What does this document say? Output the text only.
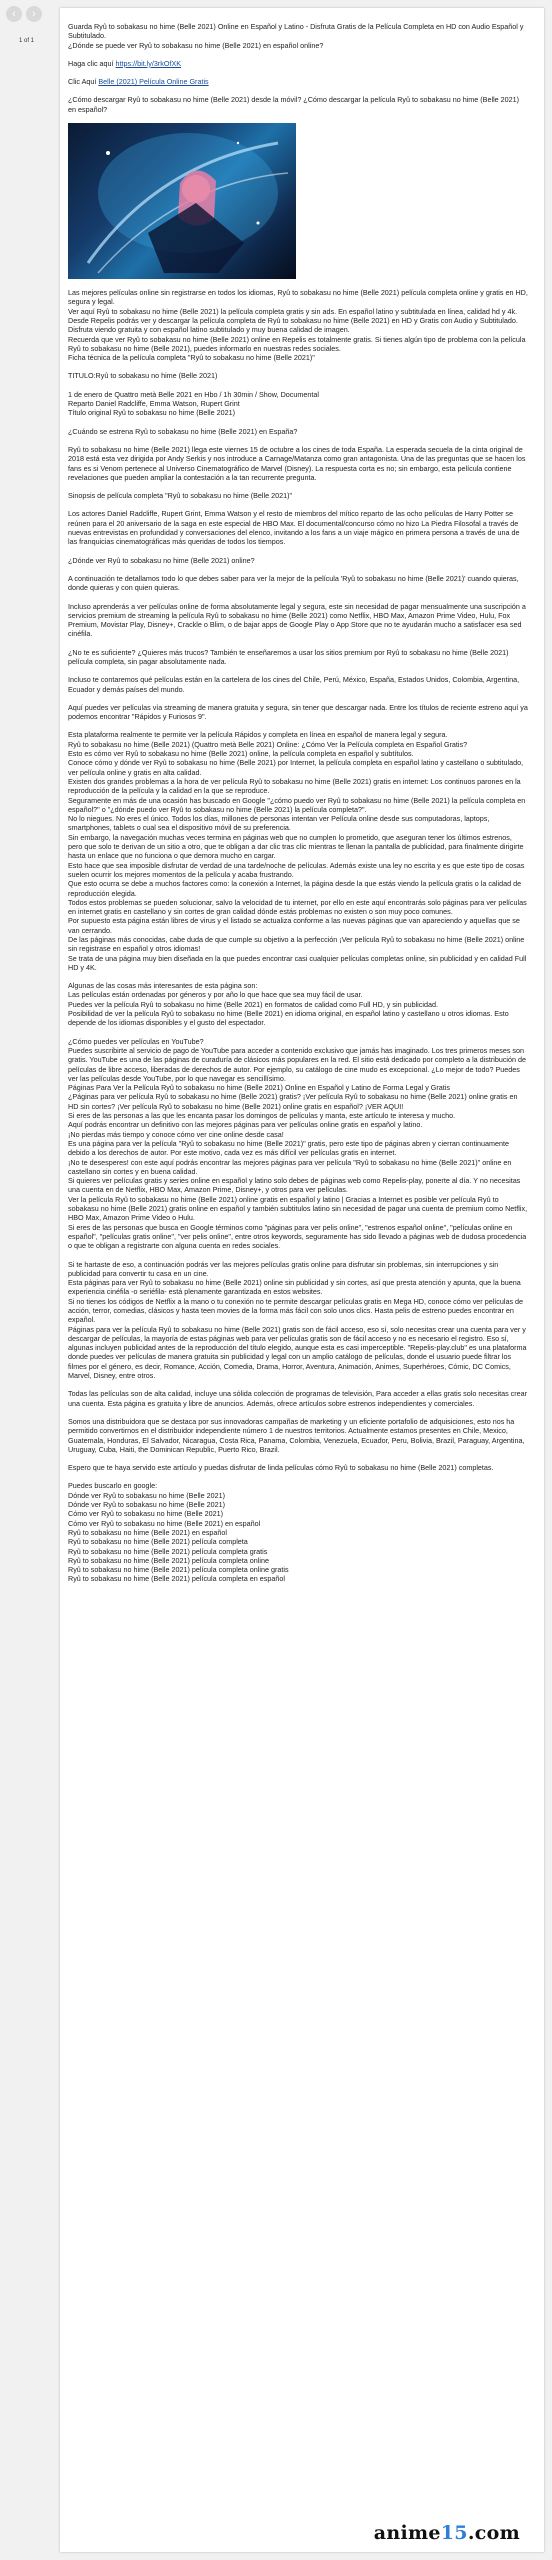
‹	›
1 of 1

Guarda Ryû to sobakasu no hime (Belle 2021) Online en Español y Latino - Disfruta Gratis de la Película Completa en HD con Audio Español y Subtitulado.

¿Dónde se puede ver Ryû to sobakasu no hime (Belle 2021) en español online?

Haga clic aquí https://bit.ly/3rkOfXK

Clic Aquí Belle (2021) Película Online Gratis

¿Cómo descargar Ryû to sobakasu no hime (Belle 2021) desde la móvil? ¿Cómo descargar la película Ryû to sobakasu no hime (Belle 2021) en español?

Las mejores películas online sin registrarse en todos los idiomas, Ryû to sobakasu no hime (Belle 2021) película completa online y gratis en HD, segura y legal.

Ver aquí Ryû to sobakasu no hime (Belle 2021) la película completa gratis y sin ads. En español latino y subtitulada en línea, calidad hd y 4k.

Desde Repelis podrás ver y descargar la película completa de Ryû to sobakasu no hime (Belle 2021) en HD y Gratis con Audio y Subtitulado.

Disfruta viendo gratuita y con español latino subtitulado y muy buena calidad de imagen.

Recuerda que ver Ryû to sobakasu no hime (Belle 2021) online en Repelis es totalmente gratis. Si tienes algún tipo de problema con la película Ryû to sobakasu no hime (Belle 2021), puedes informarlo en nuestras redes sociales.

Ficha técnica de la película completa "Ryû to sobakasu no hime (Belle 2021)"

TITULO:Ryû to sobakasu no hime (Belle 2021)

1 de enero de Quattro metà Belle 2021 en Hbo / 1h 30min / Show, Documental

Reparto Daniel Radcliffe, Emma Watson, Rupert Grint

Título original Ryû to sobakasu no hime (Belle 2021)

¿Cuándo se estrena Ryû to sobakasu no hime (Belle 2021) en España?

Ryû to sobakasu no hime (Belle 2021) llega este viernes 15 de octubre a los cines de toda España. La esperada secuela de la cinta original de 2018 está esta vez dirigida por Andy Serkis y nos introduce a Carnage/Matanza como gran antagonista. Una de las preguntas que se hacen los fans es si Venom pertenece al Universo Cinematográfico de Marvel (Disney). La respuesta corta es no; sin embargo, esta película contiene revelaciones que pueden ampliar la contestación a la tan recurrente pregunta.

Sinopsis de película completa "Ryû to sobakasu no hime (Belle 2021)"

Los actores Daniel Radcliffe, Rupert Grint, Emma Watson y el resto de miembros del mítico reparto de las ocho películas de Harry Potter se reúnen para el 20 aniversario de la saga en este especial de HBO Max. El documental/concurso cómo no hizo La Piedra Filosofal a través de nuevas entrevistas en profundidad y conversaciones del elenco, invitando a los fans a un viaje mágico en primera persona a través de una de las franquicias cinematográficas más queridas de todos los tiempos.

¿Dónde ver Ryû to sobakasu no hime (Belle 2021) online?

A continuación te detallamos todo lo que debes saber para ver la mejor de la película 'Ryû to sobakasu no hime (Belle 2021)' cuando quieras, donde quieras y con quien quieras.

Incluso aprenderás a ver películas online de forma absolutamente legal y segura, este sin necesidad de pagar mensualmente una suscripción a servicios premium de streaming la película Ryû to sobakasu no hime (Belle 2021) como Netflix, HBO Max, Amazon Prime Video, Hulu, Fox Premium, Movistar Play, Disney+, Crackle o Blim, o de bajar apps de Google Play o App Store que no te ayudarán mucho a satisfacer esa sed cinéfila.

¿No te es suficiente? ¿Quieres más trucos? También te enseñaremos a usar los sitios premium por Ryû to sobakasu no hime (Belle 2021) película completa, sin pagar absolutamente nada.

Incluso te contaremos qué películas están en la cartelera de los cines del Chile, Perú, México, España, Estados Unidos, Colombia, Argentina, Ecuador y demás países del mundo.

Aquí puedes ver películas vía streaming de manera gratuita y segura, sin tener que descargar nada. Entre los títulos de reciente estreno aquí ya podemos encontrar "Rápidos y Furiosos 9".

Esta plataforma realmente te permite ver la película Rápidos y completa en línea en español de manera legal y segura.

Ryû to sobakasu no hime (Belle 2021) (Quattro metà Belle 2021) Online: ¿Cómo Ver la Película completa en Español Gratis?

Esto es cómo ver Ryû to sobakasu no hime (Belle 2021) online, la película completa en español y subtítulos.

Conoce cómo y dónde ver Ryû to sobakasu no hime (Belle 2021) por Internet, la película completa en español latino y castellano o subtitulado, ver película online y gratis en alta calidad.

Existen dos grandes problemas a la hora de ver película Ryû to sobakasu no hime (Belle 2021) gratis en internet: Los continuos parones en la reproducción de la película y la calidad en la que se reproduce.

Seguramente en más de una ocasión has buscado en Google "¿cómo puedo ver Ryû to sobakasu no hime (Belle 2021) la película completa en español?" o "¿dónde puedo ver Ryû to sobakasu no hime (Belle 2021) la película completa?".

No lo niegues. No eres el único. Todos los días, millones de personas intentan ver Película online desde sus computadoras, laptops, smartphones, tablets o cual sea el dispositivo móvil de su preferencia.

Sin embargo, la navegación muchas veces termina en páginas web que no cumplen lo prometido, que aseguran tener los últimos estrenos, pero que solo te derivan de un sitio a otro, que te obligan a dar clic tras clic mientras te llenan la pantalla de publicidad, para finalmente dirigirte hasta un enlace que no funciona o que demora mucho en cargar.

Esto hace que sea imposible disfrutar de verdad de una tarde/noche de películas. Además existe una ley no escrita y es que este tipo de cosas suelen ocurrir los mejores momentos de la película y acaba frustrando.

Que esto ocurra se debe a muchos factores como: la conexión a Internet, la página desde la que estás viendo la película gratis o la calidad de reproducción elegida.

Todos estos problemas se pueden solucionar, salvo la velocidad de tu internet, por ello en este aquí encontrarás solo páginas para ver películas en internet gratis en castellano y sin cortes de gran calidad dónde estás problemas no existen o son muy poco comunes.

Por supuesto esta página están libres de virus y el listado se actualiza conforme a las nuevas páginas que van apareciendo y aquellas que se van cerrando.

De las páginas más conocidas, cabe duda de que cumple su objetivo a la perfección ¡Ver película Ryû to sobakasu no hime (Belle 2021) online sin registrase en español y otros idiomas!

Se trata de una página muy bien diseñada en la que puedes encontrar casi cualquier películas completas online, sin publicidad y en calidad Full HD y 4K.

Algunas de las cosas más interesantes de esta página son:

Las películas están ordenadas por géneros y por año lo que hace que sea muy fácil de usar.

Puedes ver la película Ryû to sobakasu no hime (Belle 2021) en formatos de calidad como Full HD, y sin publicidad.

Posibilidad de ver la película Ryû to sobakasu no hime (Belle 2021) en idioma original, en español latino y castellano u otros idiomas. Esto depende de los idiomas disponibles y el gusto del espectador.

¿Cómo puedes ver películas en YouTube?

Puedes suscribirte al servicio de pago de YouTube para acceder a contenido exclusivo que jamás has imaginado. Los tres primeros meses son gratis. YouTube es una de las páginas de curaduría de clásicos más populares en la red. El sitio está dedicado por completo a la distribución de películas de libre acceso, liberadas de derechos de autor. Por ejemplo, su catálogo de cine mudo es excepcional. ¿Lo mejor de todo? Puedes ver las películas desde YouTube, por lo que navegar es sencillísimo.

Páginas Para Ver la Película Ryû to sobakasu no hime (Belle 2021) Online en Español y Latino de Forma Legal y Gratis

¿Páginas para ver película Ryû to sobakasu no hime (Belle 2021) gratis? ¡Ver película Ryû to sobakasu no hime (Belle 2021) online gratis en HD sin cortes? ¡Ver película Ryû to sobakasu no hime (Belle 2021) online gratis en español? ¡VER AQUI!

Si eres de las personas a las que les encanta pasar los domingos de películas y manta, este artículo te interesa y mucho.

Aquí podrás encontrar un definitivo con las mejores páginas para ver películas online gratis en español y latino.

¡No pierdas más tiempo y conoce cómo ver cine online desde casa!

Es una página para ver la película "Ryû to sobakasu no hime (Belle 2021)" gratis, pero este tipo de páginas abren y cierran continuamente debido a los derechos de autor. Por este motivo, cada vez es más difícil ver películas gratis en internet.

¡No te desesperes! con este aquí podrás encontrar las mejores páginas para ver película "Ryû to sobakasu no hime (Belle 2021)" online en castellano sin cortes y en buena calidad.

Si quieres ver películas gratis y series online en español y latino solo debes de páginas web como Repelis-play, ponerte al día. Y no necesitas una cuenta en de Netflix, HBO Max, Amazon Prime, Disney+, y otros para ver películas.

Ver la película Ryû to sobakasu no hime (Belle 2021) online gratis en español y latino | Gracias a Internet es posible ver película Ryû to sobakasu no hime (Belle 2021) gratis online en español y también subtitulos latino sin necesidad de pagar una cuenta de premium como Netflix, HBO Max, Amazon Prime Video o Hulu.

Si eres de las personas que busca en Google términos como "páginas para ver pelis online", "estrenos español online", "películas online en español", "películas gratis online", "ver pelis online", entre otros keywords, seguramente has sido llevado a páginas web de dudosa procedencia o que te obligan a registrarte con alguna cuenta en redes sociales.

Si te hartaste de eso, a continuación podrás ver las mejores películas gratis online para disfrutar sin problemas, sin interrupciones y sin publicidad para convertir tu casa en un cine.

Esta páginas para ver Ryû to sobakasu no hime (Belle 2021) online sin publicidad y sin cortes, así que presta atención y apunta, que la buena experiencia cinéfila -o seriéfila- está plenamente garantizada en estos websites.

Si no tienes los códigos de Netflix a la mano o tu conexión no te permite descargar películas gratis en Mega HD, conoce cómo ver películas de acción, terror, comedias, clásicos y hasta teen movies de la forma más fácil con solo unos clics. Hasta pelis de estreno puedes encontrar en expañol.

Páginas para ver la película Ryû to sobakasu no hime (Belle 2021) gratis son de fácil acceso, eso sí, solo necesitas crear una cuenta para ver y descargar de películas, la mayoría de estas páginas web para ver películas gratis son de fácil acceso y no es necesario el registro. Eso sí, algunas incluyen publicidad antes de la reproducción del título elegido, aunque esta es casi imperceptible. "Repelis-play.club" es una plataforma donde puedes ver películas de manera gratuita sin publicidad y legal con un amplio catálogo de películas, donde el usuario puede filtrar los filmes por el género, es decir, Romance, Acción, Comedia, Drama, Horror, Aventura, Animación, Animes, Superhéroes, Cómic, DC Comics, Marvel, Disney, entre otros.

Todas las películas son de alta calidad, incluye una sólida colección de programas de televisión, Para acceder a ellas gratis solo necesitas crear una cuenta. Esta página es gratuita y libre de anuncios. Además, ofrece artículos sobre estrenos independientes y comerciales.

Somos una distribuidora que se destaca por sus innovadoras campañas de marketing y un eficiente portafolio de adquisiciones, esto nos ha permitido convertirnos en el distribuidor independiente número 1 de nuestros territorios. Actualmente estamos presentes en Chile, Mexico, Guatemala, Honduras, El Salvador, Nicaragua, Costa Rica, Panama, Colombia, Venezuela, Ecuador, Peru, Bolivia, Brazil, Paraguay, Argentina, Uruguay, Cuba, Haiti, the Dominican Republic, Puerto Rico, Brazil.

Espero que te haya servido este artículo y puedas disfrutar de linda películas cómo Ryû to sobakasu no hime (Belle 2021) completas.

Puedes buscarlo en google:

Dónde ver Ryû to sobakasu no hime (Belle 2021)

Dónde ver Ryû to sobakasu no hime (Belle 2021)

Cómo ver Ryû to sobakasu no hime (Belle 2021)

Cómo ver Ryû to sobakasu no hime (Belle 2021) en español

Ryû to sobakasu no hime (Belle 2021) en español

Ryû to sobakasu no hime (Belle 2021) película completa

Ryû to sobakasu no hime (Belle 2021) película completa gratis

Ryû to sobakasu no hime (Belle 2021) película completa online

Ryû to sobakasu no hime (Belle 2021) película completa online gratis

Ryû to sobakasu no hime (Belle 2021) película completa en español

anime15.com
